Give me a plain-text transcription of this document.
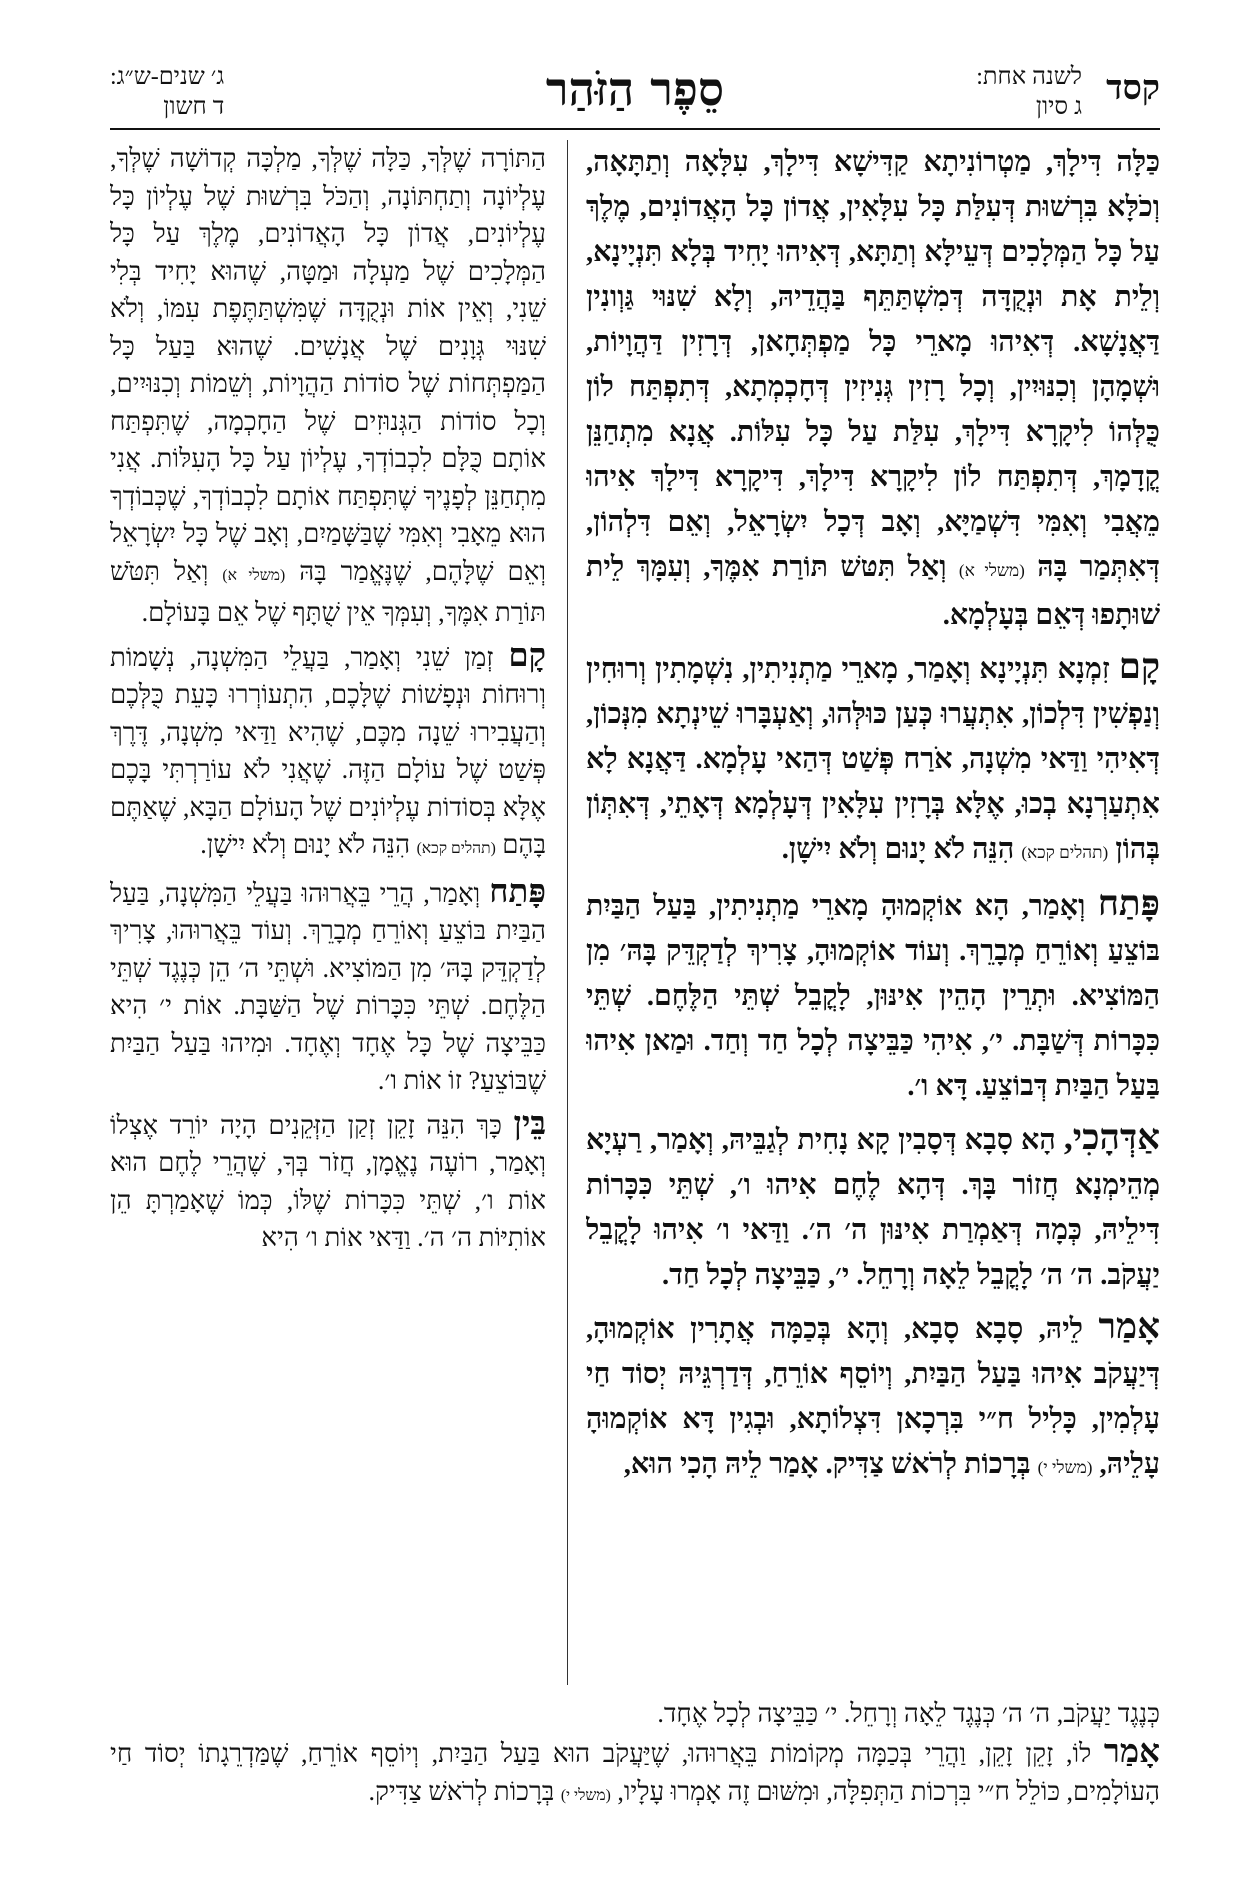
קסד
לשנה אחת:
ג סיון
סֵפֶר הַזֹּהַר
ג׳ שנים-ש״ג:
ד חשון

כַּלָּה דִּילָךְ, מַטְרוֹנִיתָא קַדִּישָׁא דִּילָךְ, עִלָּאָה וְתַתָּאָה, וְכֹלָּא בִּרְשׁוּת דְּעִלַּת כָּל עִלָּאִין, אֲדוֹן כָּל הָאֲדוֹנִים, מֶלֶךְ עַל כָּל הַמְּלָכִים דְּעֵילָּא וְתַתָּא, דְּאִיהוּ יָחִיד בְּלָא תִּנְיָינָא, וְלֵית אָת וּנְקֻדָּה דְּמִשְׁתַּתֵּף בַּהֲדֵיהּ, וְלָא שִׁנּוּי גַּוְונִין דַּאֲנָשָׁא. דְּאִיהוּ מָארֵי כָּל מַפְתְּחָאן, דְּרָזִין דַּהֲוָיוֹת, וּשְׁמָהָן וְכִנּוּיִין, וְכָל רָזִין גְּנִיזִין דְּחָכְמְתָא, דְּתִפְתַּח לוֹן כֻּלְּהוֹ לִיקָרָא דִּילָךְ, עִלַּת עַל כָּל עִלּוֹת. אֲנָא מִתְחַנֵּן קֳדָמָךְ, דְּתִפְתַּח לוֹן לִיקָרָא דִּילָךְ, דִּיקָרָא דִּילָךְ אִיהוּ מֵאֲבִי וְאִמִּי דִּשְׁמַיָּא, וְאָב דְּכָל יִשְׂרָאֵל, וְאֵם דִּלְהוֹן, דְּאִתְּמַר בָּהּ (משלי א) וְאַל תִּטּשׁ תּוֹרַת אִמֶּךָ, וְעִמָּךְ לֵית שׁוּתָפוּ דְּאֵם בְּעָלְמָא.

קָם זִמְנָא תִּנְיָינָא וְאָמַר, מָארֵי מַתְנִיתִין, נִשְׁמָתִין וְרוּחִין וְנַפְשִׁין דִּלְכוֹן, אִתְעֲרוּ כְּעַן כּוּלְּהוּ, וְאַעְבָּרוּ שֵׁינְתָא מִנְּכוֹן, דְּאִיהִי וַדַּאי מִשְׁנָה, אֹרַח פְּשַׁט דְּהַאי עָלְמָא. דַּאֲנָא לָא אִתְעַרְנָא בְכוּ, אֶלָּא בְּרָזִין עִלָּאִין דְּעָלְמָא דְּאָתֵי, דְּאִתְּוֹן בְּהוֹן (תהלים קכא) הִנֵּה לֹא יָנוּם וְלֹא יִישָׁן.

פָּתַח וְאָמַר, הָא אוֹקְמוּהָ מָארֵי מַתְנִיתִין, בַּעַל הַבַּיִת בּוֹצֵעַ וְאוֹרֵחַ מְבָרֵךְ. וְעוֹד אוֹקְמוּהָ, צָרִיךְ לְדַקְדֵּק בָּהּ׳ מִן הַמּוֹצִיא. וּתְרֵין הָהֵין אִינּוּן, לָקֳבֵל שְׁתֵּי הַלֶּחֶם. שְׁתֵּי כִּכָּרוֹת דְּשַׁבָּת. י׳, אִיהִי כַּבֵּיצָה לְכָל חַד וְחַד. וּמַאן אִיהוּ בַּעַל הַבַּיִת דְּבוֹצֵעַ. דָּא ו׳.

אַדְּהָכִי, הָא סָבָא דְּסָבִין קָא נָחִית לְגַבֵּיהּ, וְאָמַר, רַעְיָא מְהֵימְנָא חֲזוֹר בָּךְ. דְּהָא לֶחֶם אִיהוּ ו׳, שְׁתֵּי כִּכָּרוֹת דִּילֵיהּ, כְּמָה דְּאַמְרַת אִינּוּן ה׳ ה׳. וַדַּאי ו׳ אִיהוּ לָקֳבֵל יַעֲקֹב. ה׳ ה׳ לָקֳבֵל לֵאָה וְרָחֵל. י׳, כַּבֵּיצָה לְכָל חַד.

אָמַר לֵיהּ, סָבָא סָבָא, וְהָא בְּכַמָּה אֲתָרִין אוֹקְמוּהָ, דְּיַעֲקֹב אִיהוּ בַּעַל הַבַּיִת, וְיוֹסֵף אוֹרֵחַ, דְּדַרְגֵּיהּ יְסוֹד חַי עָלְמִין, כָּלִיל ח״י בִּרְכָאן דִּצְלוֹתָא, וּבְגִין דָּא אוֹקְמוּהָ עָלֵיהּ, (משלי י) בְּרָכוֹת לְרֹאשׁ צַדִּיק. אָמַר לֵיהּ הָכִי הוּא,

הַתּוֹרָה שֶׁלְּךָ, כַּלָּה שֶׁלְּךָ, מַלְכָּה קְדוֹשָׁה שֶׁלְּךָ, עֶלְיוֹנָה וְתַחְתּוֹנָה, וְהַכֹּל בִּרְשׁוּת שֶׁל עֶלְיוֹן כָּל עֶלְיוֹנִים, אֲדוֹן כָּל הָאֲדוֹנִים, מֶלֶךְ עַל כָּל הַמְּלָכִים שֶׁל מַעְלָה וּמַטָּה, שֶׁהוּא יָחִיד בְּלִי שֵׁנִי, וְאֵין אוֹת וּנְקֻדָּה שֶׁמִּשְׁתַּתֶּפֶת עִמּוֹ, וְלֹא שִׁנּוּי גְּוָנִים שֶׁל אֲנָשִׁים. שֶׁהוּא בַּעַל כָּל הַמַּפְתְּחוֹת שֶׁל סוֹדוֹת הַהֲוָיוֹת, וְשֵׁמוֹת וְכִנּוּיִים, וְכָל סוֹדוֹת הַגְּנוּזִים שֶׁל הַחָכְמָה, שֶׁתִּפְתַּח אוֹתָם כֻּלָּם לִכְבוֹדְךָ, עֶלְיוֹן עַל כָּל הָעִלּוֹת. אֲנִי מִתְחַנֵּן לְפָנֶיךָ שֶׁתִּפְתַּח אוֹתָם לִכְבוֹדְךָ, שֶׁכְּבוֹדְךָ הוּא מֵאָבִי וְאִמִּי שֶׁבַּשָּׁמַיִם, וְאָב שֶׁל כָּל יִשְׂרָאֵל וְאֵם שֶׁלָּהֶם, שֶׁנֶּאֱמַר בָּהּ (משלי א) וְאַל תִּטֹּשׁ תּוֹרַת אִמֶּךָ, וְעִמְּךָ אֵין שֻׁתָּף שֶׁל אֵם בָּעוֹלָם.

קָם זְמַן שֵׁנִי וְאָמַר, בַּעֲלֵי הַמִּשְׁנָה, נְשָׁמוֹת וְרוּחוֹת וּנְפָשׁוֹת שֶׁלָּכֶם, הִתְעוֹרְרוּ כָּעֵת כֻּלְּכֶם וְהַעֲבִירוּ שֵׁנָה מִכֶּם, שֶׁהִיא וַדַּאי מִשְׁנָה, דֶּרֶךְ פְּשַׁט שֶׁל עוֹלָם הַזֶּה. שֶׁאֲנִי לֹא עוֹרַרְתִּי בָּכֶם אֶלָּא בְּסוֹדוֹת עֶלְיוֹנִים שֶׁל הָעוֹלָם הַבָּא, שֶׁאַתֶּם בָּהֶם (תהלים קכא) הִנֵּה לֹא יָנוּם וְלֹא יִישָׁן.

פָּתַח וְאָמַר, הֲרֵי בֵּאֲרוּהוּ בַּעֲלֵי הַמִּשְׁנָה, בַּעַל הַבַּיִת בּוֹצֵעַ וְאוֹרֵחַ מְבָרֵךְ. וְעוֹד בֵּאֲרוּהוּ, צָרִיךְ לְדַקְדֵּק בָּהּ׳ מִן הַמּוֹצִיא. וּשְׁתֵּי ה׳ הֵן כְּנֶגֶד שְׁתֵּי הַלֶּחֶם. שְׁתֵּי כִּכָּרוֹת שֶׁל הַשַּׁבָּת. אוֹת י׳ הִיא כַּבֵּיצָה שֶׁל כָּל אֶחָד וְאֶחָד. וּמִיהוּ בַּעַל הַבַּיִת שֶׁבּוֹצֵעַ? זוֹ אוֹת ו׳.

בֵּין כָּךְ הִנֵּה זָקֵן זְקַן הַזְּקֵנִים הָיָה יוֹרֵד אֶצְלוֹ וְאָמַר, רוֹעֶה נֶאֱמָן, חֲזֹר בְּךָ, שֶׁהֲרֵי לֶחֶם הוּא אוֹת ו׳, שְׁתֵּי כִּכָּרוֹת שֶׁלּוֹ, כְּמוֹ שֶׁאָמַרְתָּ הֵן אוֹתִיּוֹת ה׳ ה׳. וַדַּאי אוֹת ו׳ הִיא

כְּנֶגֶד יַעֲקֹב, ה׳ ה׳ כְּנֶגֶד לֵאָה וְרָחֵל. י׳ כַּבֵּיצָה לְכָל אֶחָד.

אָמַר לוֹ, זָקֵן זָקֵן, וַהֲרֵי בְּכַמָּה מְקוֹמוֹת בֵּאֲרוּהוּ, שֶׁיַּעֲקֹב הוּא בַּעַל הַבַּיִת, וְיוֹסֵף אוֹרֵחַ, שֶׁמַּדְרֵגָתוֹ יְסוֹד חַי הָעוֹלָמִים, כּוֹלֵל ח״י בִּרְכוֹת הַתְּפִלָּה, וּמִשּׁוּם זֶה אָמְרוּ עָלָיו, (משלי י) בְּרָכוֹת לְרֹאשׁ צַדִּיק.
